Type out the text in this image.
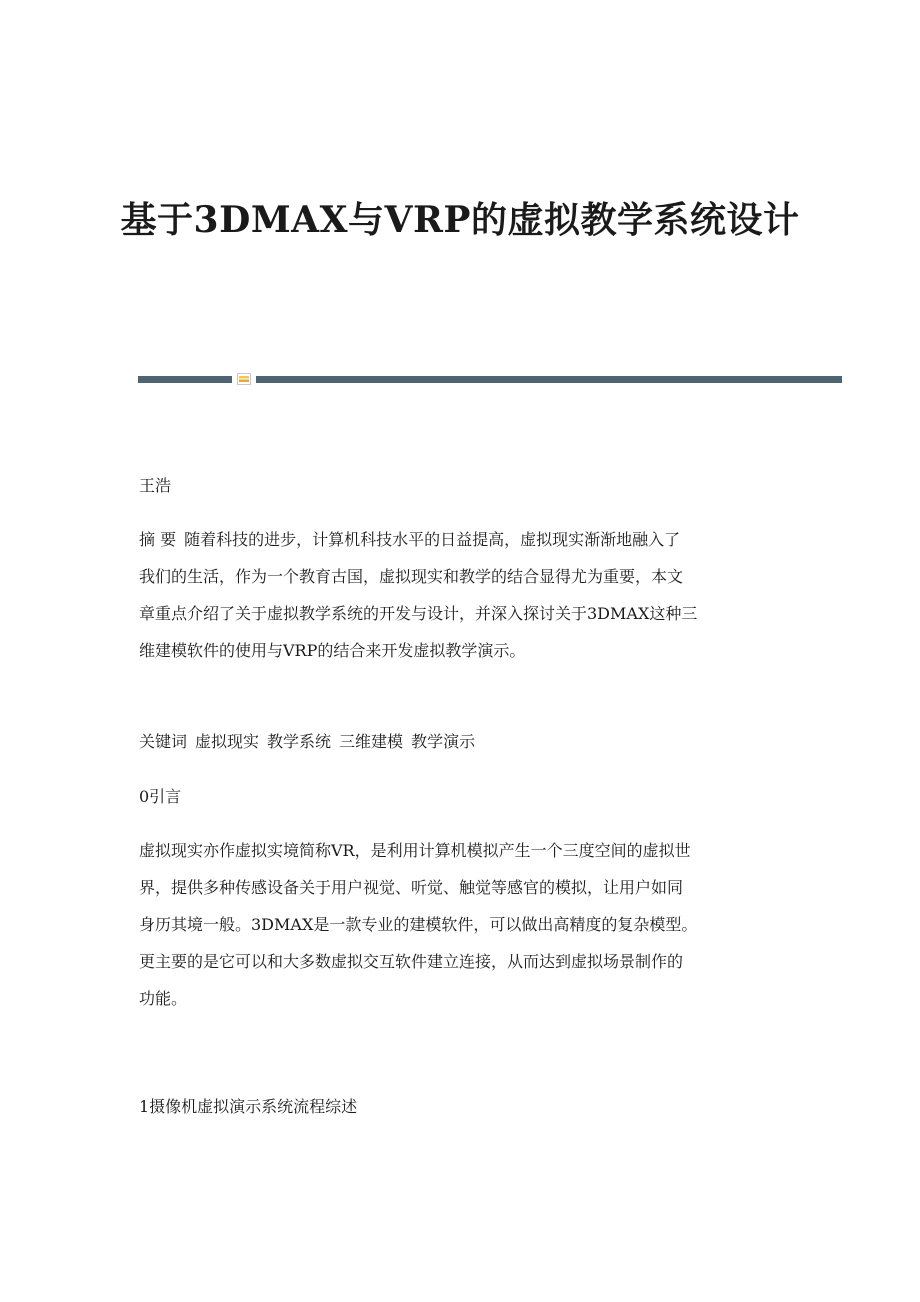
基于3DMAX与VRP的虚拟教学系统设计
王浩

摘 要 随着科技的进步，计算机科技水平的日益提高，虚拟现实渐渐地融入了

我们的生活，作为一个教育古国，虚拟现实和教学的结合显得尤为重要，本文

章重点介绍了关于虚拟教学系统的开发与设计，并深入探讨关于3DMAX这种三

维建模软件的使用与VRP的结合来开发虚拟教学演示。

关键词 虚拟现实 教学系统 三维建模 教学演示
0引言

虚拟现实亦作虚拟实境简称VR，是利用计算机模拟产生一个三度空间的虚拟世

界，提供多种传感设备关于用户视觉、听觉、触觉等感官的模拟，让用户如同

身历其境一般。3DMAX是一款专业的建模软件，可以做出高精度的复杂模型。

更主要的是它可以和大多数虚拟交互软件建立连接，从而达到虚拟场景制作的

功能。

1摄像机虚拟演示系统流程综述
